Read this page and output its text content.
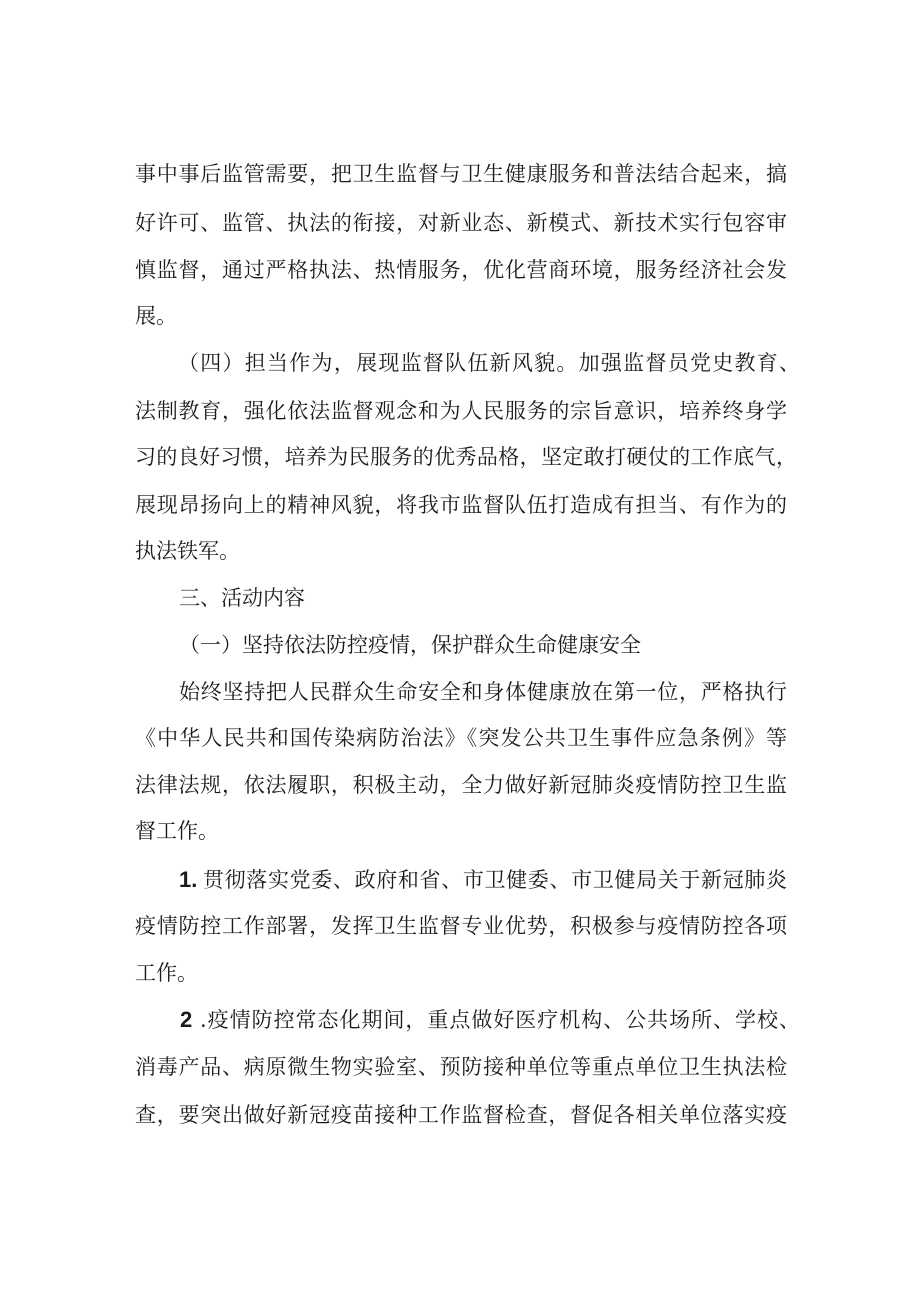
事中事后监管需要，把卫生监督与卫生健康服务和普法结合起来，搞
好许可、监管、执法的衔接，对新业态、新模式、新技术实行包容审
慎监督，通过严格执法、热情服务，优化营商环境，服务经济社会发
展。
（四）担当作为，展现监督队伍新风貌。加强监督员党史教育、
法制教育，强化依法监督观念和为人民服务的宗旨意识，培养终身学
习的良好习惯，培养为民服务的优秀品格，坚定敢打硬仗的工作底气，
展现昂扬向上的精神风貌，将我市监督队伍打造成有担当、有作为的
执法铁军。
三、活动内容
（一）坚持依法防控疫情，保护群众生命健康安全
始终坚持把人民群众生命安全和身体健康放在第一位，严格执行
《中华人民共和国传染病防治法》《突发公共卫生事件应急条例》等
法律法规，依法履职，积极主动，全力做好新冠肺炎疫情防控卫生监
督工作。
1. 贯彻落实党委、政府和省、市卫健委、市卫健局关于新冠肺炎
疫情防控工作部署，发挥卫生监督专业优势，积极参与疫情防控各项
工作。
2 .疫情防控常态化期间，重点做好医疗机构、公共场所、学校、
消毒产品、病原微生物实验室、预防接种单位等重点单位卫生执法检
查，要突出做好新冠疫苗接种工作监督检查，督促各相关单位落实疫
